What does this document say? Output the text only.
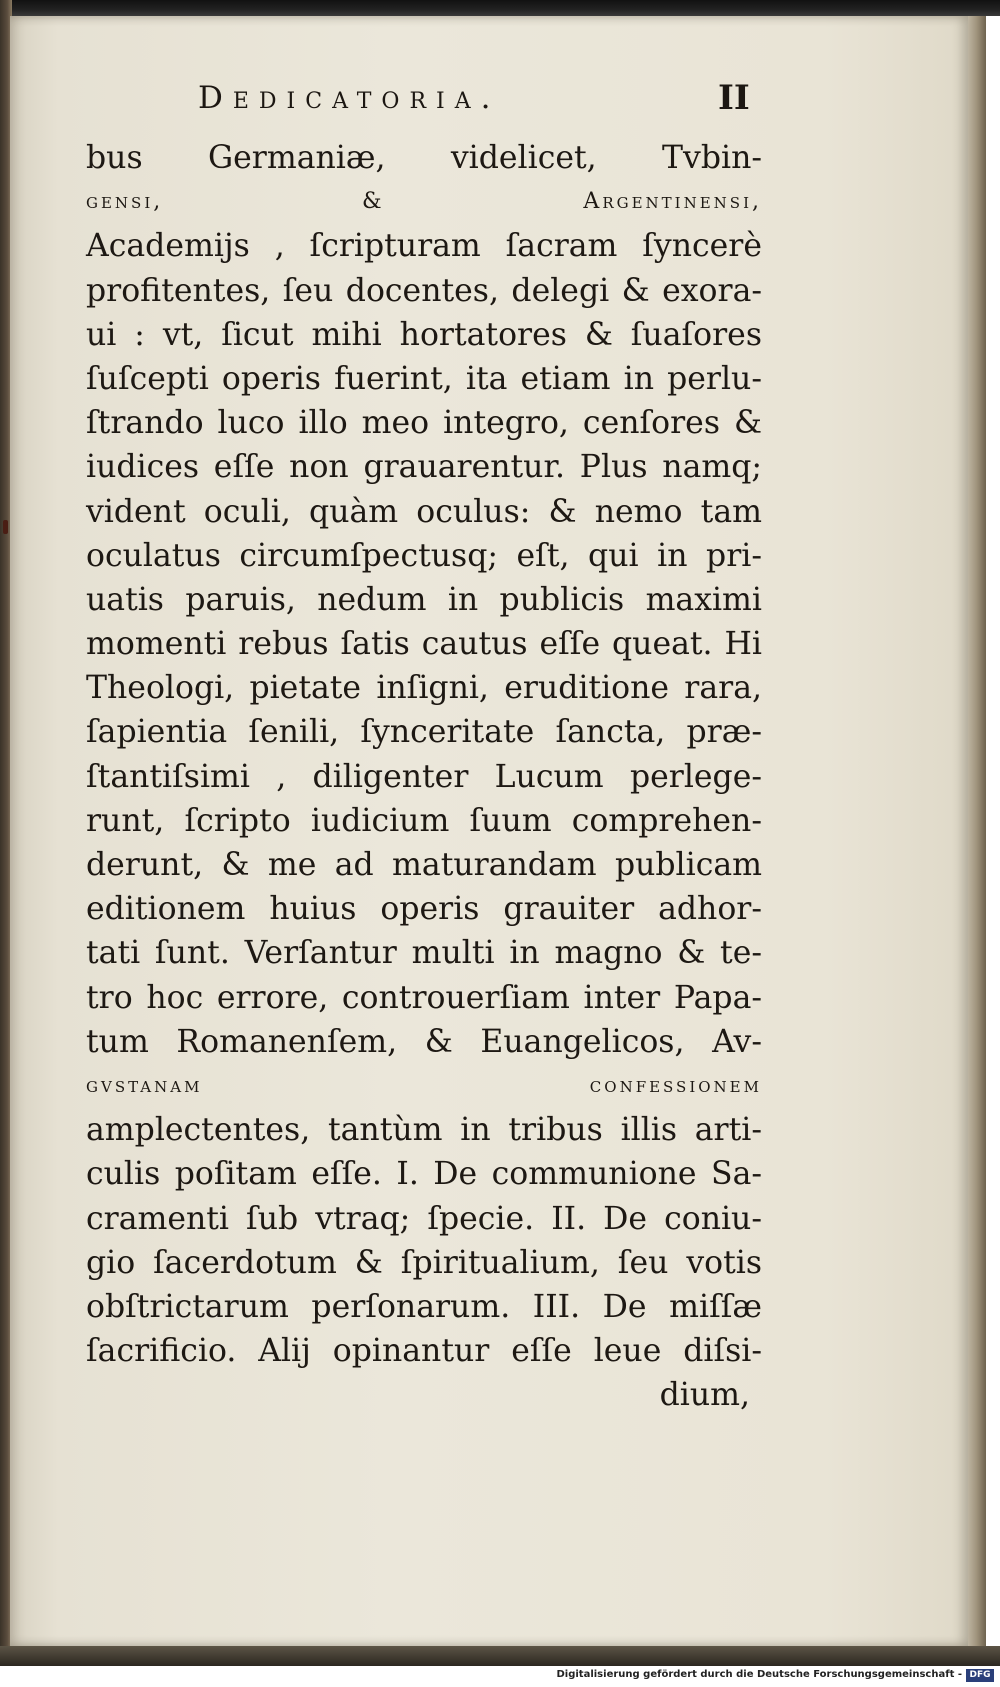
Dedicatoria.	II
bus Germaniæ, videlicet, Tvbin-
gensi, & Argentinensi,
Academijs , ſcripturam ſacram ſyncerè
profitentes, ſeu docentes, delegi & exora-
ui : vt, ſicut mihi hortatores & ſuaſores
ſuſcepti operis fuerint, ita etiam in perlu-
ſtrando luco illo meo integro, cenſores &
iudices eſſe non grauarentur. Plus namq;
vident oculi, quàm oculus: & nemo tam
oculatus circumſpectusq; eſt, qui in pri-
uatis paruis, nedum in publicis maximi
momenti rebus ſatis cautus eſſe queat. Hi
Theologi, pietate inſigni, eruditione rara,
ſapientia ſenili, ſynceritate ſancta, præ-
ſtantiſsimi , diligenter Lucum perlege-
runt, ſcripto iudicium ſuum comprehen-
derunt, & me ad maturandam publicam
editionem huius operis grauiter adhor-
tati ſunt. Verſantur multi in magno & te-
tro hoc errore, controuerſiam inter Papa-
tum Romanenſem, & Euangelicos, Av-
gvstanam confessionem
amplectentes, tantùm in tribus illis arti-
culis poſitam eſſe. I. De communione Sa-
cramenti ſub vtraq; ſpecie. II. De coniu-
gio ſacerdotum & ſpiritualium, ſeu votis
obſtrictarum perſonarum. III. De miſſæ
ſacrificio. Alij opinantur eſſe leue diſsi-
dium,
Digitalisierung gefördert durch die Deutsche Forschungsgemeinschaft - DFG
